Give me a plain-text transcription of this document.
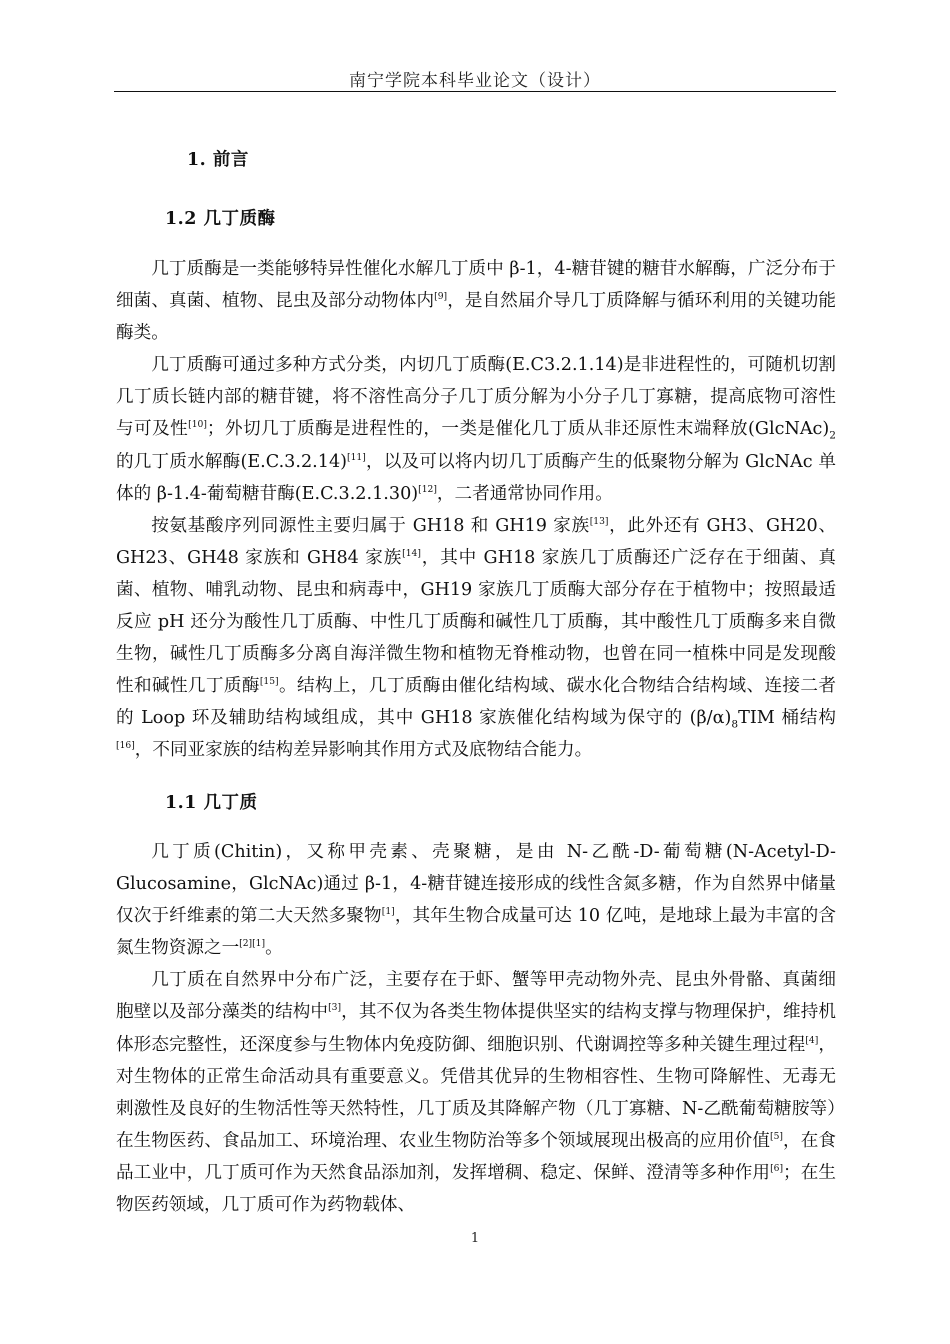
南宁学院本科毕业论文（设计）
1. 前言
1.2 几丁质酶

几丁质酶是一类能够特异性催化水解几丁质中 β-1，4-糖苷键的糖苷水解酶，广泛分布于细菌、真菌、植物、昆虫及部分动物体内[9]，是自然届介导几丁质降解与循环利用的关键功能酶类。

几丁质酶可通过多种方式分类，内切几丁质酶(E.C3.2.1.14)是非进程性的，可随机切割几丁质长链内部的糖苷键，将不溶性高分子几丁质分解为小分子几丁寡糖，提高底物可溶性与可及性[10]；外切几丁质酶是进程性的，一类是催化几丁质从非还原性末端释放$(GlcNAc)_2$的几丁质水解酶(E.C.3.2.14)[11]，以及可以将内切几丁质酶产生的低聚物分解为 GlcNAc 单体的 β-1.4-葡萄糖苷酶(E.C.3.2.1.30)[12]，二者通常协同作用。

按氨基酸序列同源性主要归属于 GH18 和 GH19 家族[13]，此外还有 GH3、GH20、GH23、GH48 家族和 GH84 家族[14]，其中 GH18 家族几丁质酶还广泛存在于细菌、真菌、植物、哺乳动物、昆虫和病毒中，GH19 家族几丁质酶大部分存在于植物中；按照最适反应 pH 还分为酸性几丁质酶、中性几丁质酶和碱性几丁质酶，其中酸性几丁质酶多来自微生物，碱性几丁质酶多分离自海洋微生物和植物无脊椎动物，也曾在同一植株中同是发现酸性和碱性几丁质酶[15]。结构上，几丁质酶由催化结构域、碳水化合物结合结构域、连接二者的 Loop 环及辅助结构域组成，其中 GH18 家族催化结构域为保守的 $(\beta/\alpha)_8TIM$ 桶结构[16]，不同亚家族的结构差异影响其作用方式及底物结合能力。

1.1 几丁质

几丁质(Chitin)，又称甲壳素、壳聚糖，是由 N-乙酰-D-葡萄糖(N-Acetyl-D-Glucosamine，GlcNAc)通过 β-1，4-糖苷键连接形成的线性含氮多糖，作为自然界中储量仅次于纤维素的第二大天然多聚物[1]，其年生物合成量可达 10 亿吨，是地球上最为丰富的含氮生物资源之一[2][1]。

几丁质在自然界中分布广泛，主要存在于虾、蟹等甲壳动物外壳、昆虫外骨骼、真菌细胞壁以及部分藻类的结构中[3]，其不仅为各类生物体提供坚实的结构支撑与物理保护，维持机体形态完整性，还深度参与生物体内免疫防御、细胞识别、代谢调控等多种关键生理过程[4]，对生物体的正常生命活动具有重要意义。凭借其优异的生物相容性、生物可降解性、无毒无刺激性及良好的生物活性等天然特性，几丁质及其降解产物（几丁寡糖、N-乙酰葡萄糖胺等）在生物医药、食品加工、环境治理、农业生物防治等多个领域展现出极高的应用价值[5]，在食品工业中，几丁质可作为天然食品添加剂，发挥增稠、稳定、保鲜、澄清等多种作用[6]；在生物医药领域，几丁质可作为药物载体、

1
